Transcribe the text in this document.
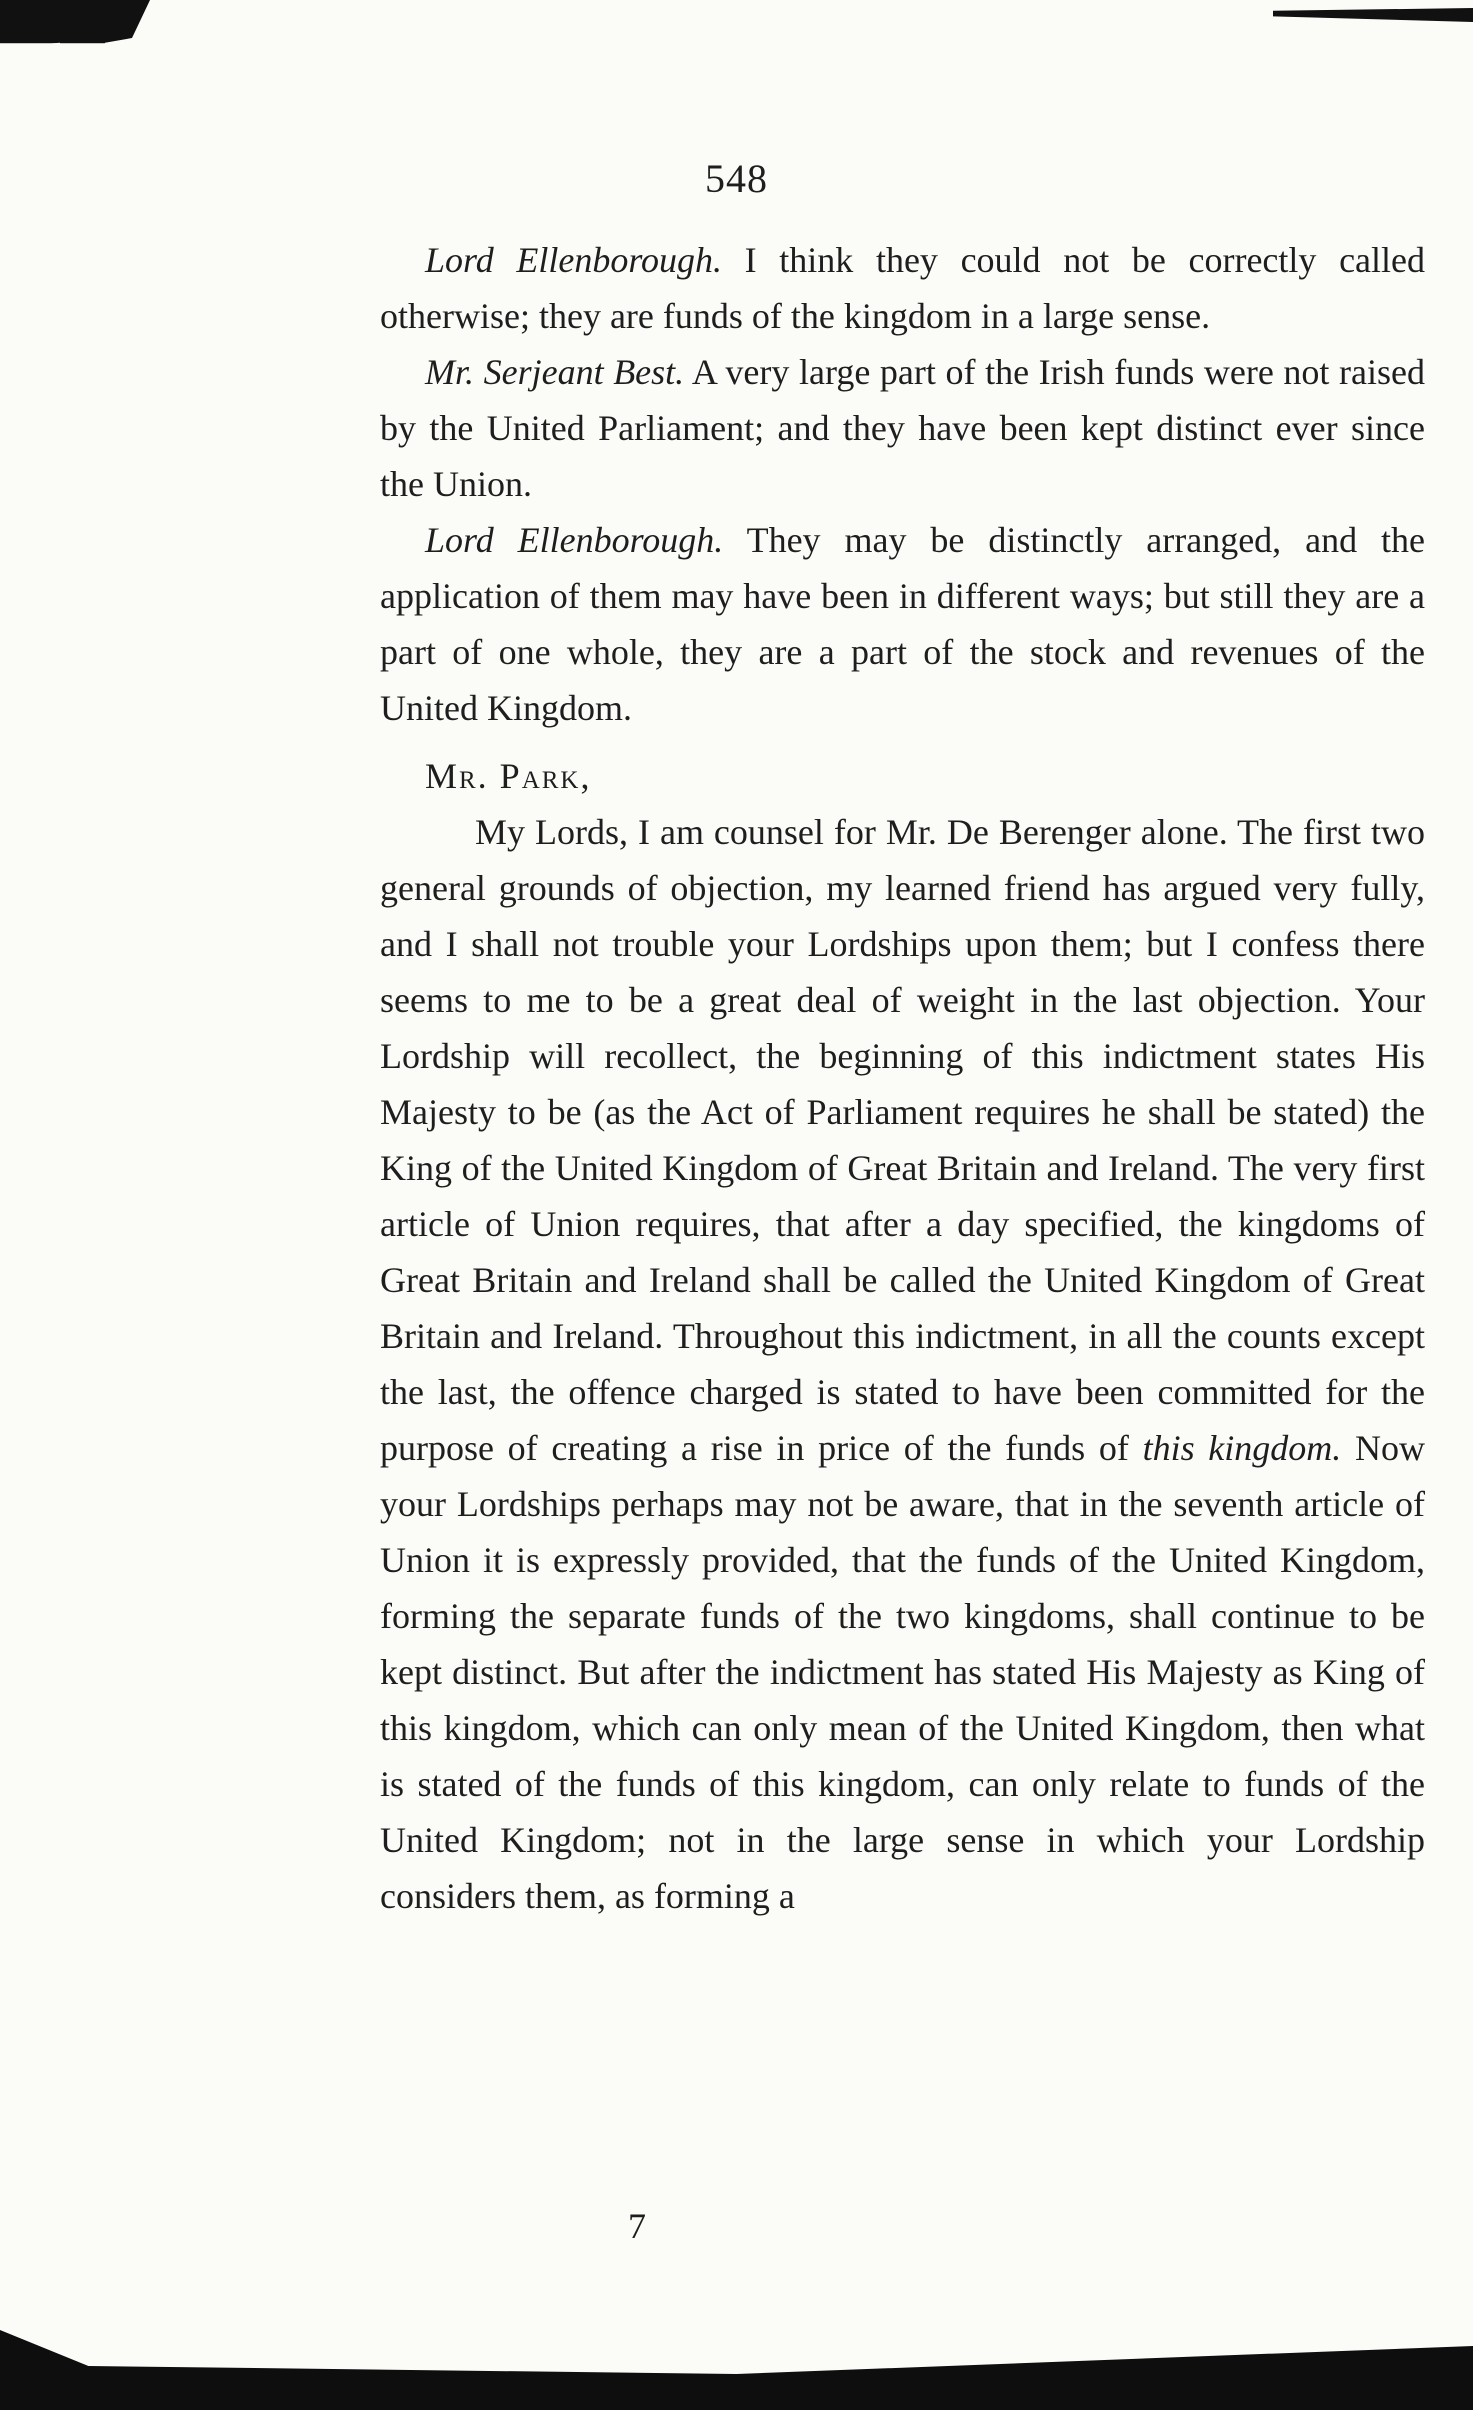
548

Lord Ellenborough. I think they could not be correctly called otherwise; they are funds of the kingdom in a large sense.

Mr. Serjeant Best. A very large part of the Irish funds were not raised by the United Parliament; and they have been kept distinct ever since the Union.

Lord Ellenborough. They may be distinctly arranged, and the application of them may have been in different ways; but still they are a part of one whole, they are a part of the stock and revenues of the United Kingdom.

Mr. Park,

My Lords, I am counsel for Mr. De Berenger alone. The first two general grounds of objection, my learned friend has argued very fully, and I shall not trouble your Lordships upon them; but I confess there seems to me to be a great deal of weight in the last objection. Your Lordship will recollect, the beginning of this indictment states His Majesty to be (as the Act of Parliament requires he shall be stated) the King of the United Kingdom of Great Britain and Ireland. The very first article of Union requires, that after a day specified, the kingdoms of Great Britain and Ireland shall be called the United Kingdom of Great Britain and Ireland. Throughout this indictment, in all the counts except the last, the offence charged is stated to have been committed for the purpose of creating a rise in price of the funds of this kingdom. Now your Lordships perhaps may not be aware, that in the seventh article of Union it is expressly provided, that the funds of the United Kingdom, forming the separate funds of the two kingdoms, shall continue to be kept distinct. But after the indictment has stated His Majesty as King of this kingdom, which can only mean of the United Kingdom, then what is stated of the funds of this kingdom, can only relate to funds of the United Kingdom; not in the large sense in which your Lordship considers them, as forming a

7
